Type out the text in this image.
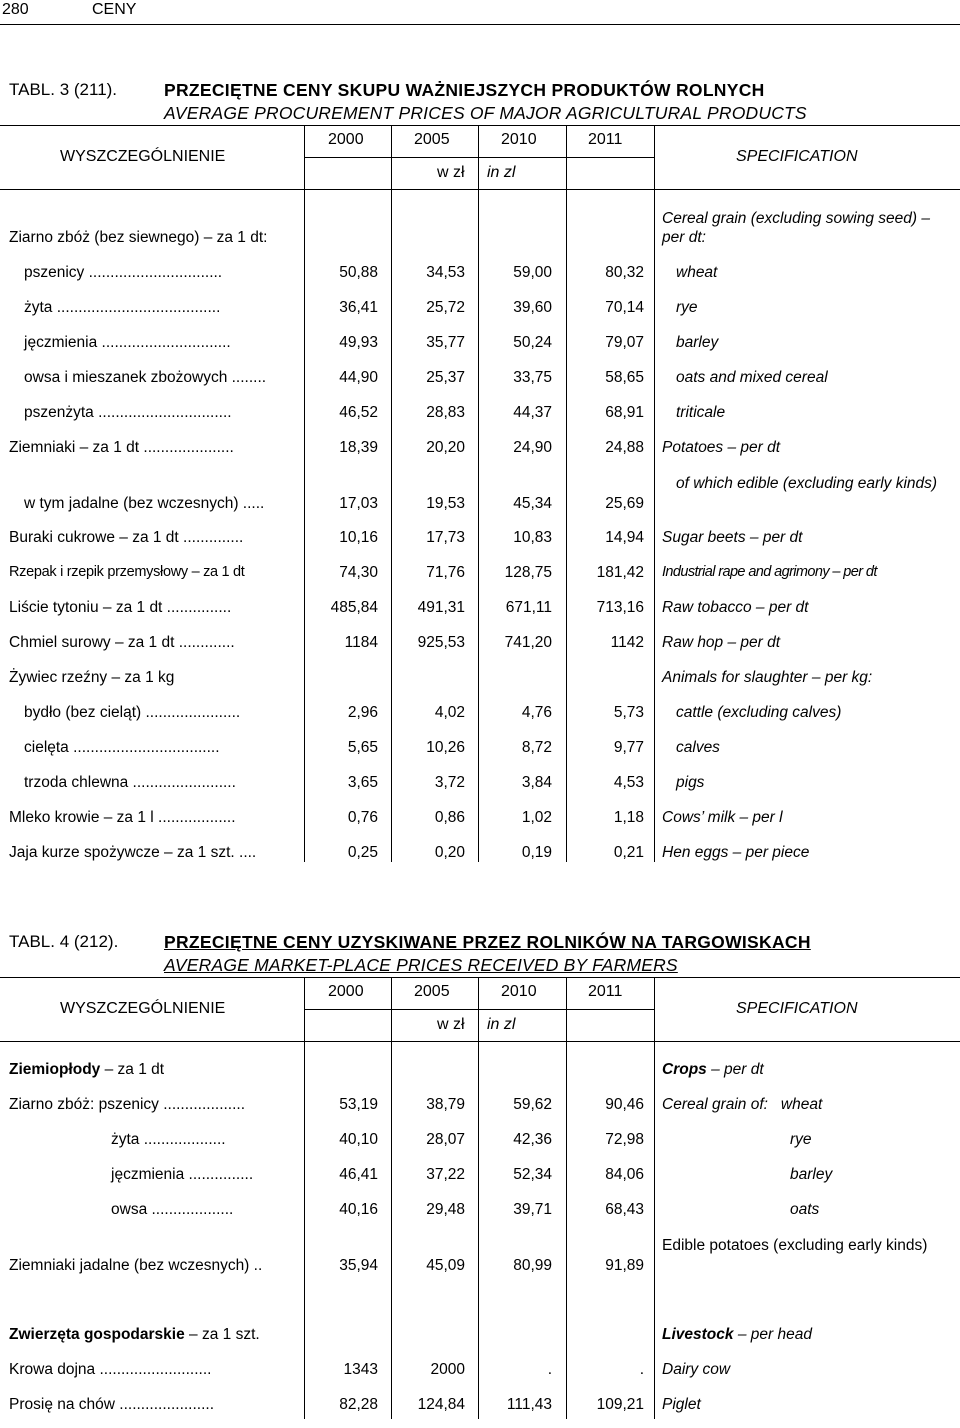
280	CENY
TABL. 3 (211).	PRZECIĘTNE CENY SKUPU WAŻNIEJSZYCH PRODUKTÓW ROLNYCH
AVERAGE PROCUREMENT PRICES OF MAJOR AGRICULTURAL PRODUCTS
WYSZCZEGÓLNIENIE	SPECIFICATION
2000	2005	2010	2011
w zł in zl
Ziarno zbóż (bez siewnego) – za 1 dt:
Cereal grain (excluding sowing seed) – per dt:
pszenicy ...............................	50,88	34,53	59,00	80,32 wheat
żyta ......................................	36,41	25,72	39,60	70,14 rye
jęczmienia ..............................	49,93	35,77	50,24	79,07 barley
owsa i mieszanek zbożowych ........	44,90	25,37	33,75	58,65 oats and mixed cereal
pszenżyta ...............................	46,52	28,83	44,37	68,91 triticale
Ziemniaki – za 1 dt .....................	18,39	20,20	24,90	24,88 Potatoes – per dt
w tym jadalne (bez wczesnych) .....	17,03	19,53	45,34	25,69
of which edible (excluding early kinds)
Buraki cukrowe – za 1 dt ..............	10,16	17,73	10,83	14,94 Sugar beets – per dt
Rzepak i rzepik przemysłowy – za 1 dt	74,30	71,76	128,75	181,42 Industrial rape and agrimony – per dt
Liście tytoniu – za 1 dt ...............	485,84	491,31	671,11	713,16 Raw tobacco – per dt
Chmiel surowy – za 1 dt .............	1184	925,53	741,20	1142 Raw hop – per dt
Żywiec rzeźny – za 1 kg	Animals for slaughter – per kg:
bydło (bez cieląt) ......................	2,96	4,02	4,76	5,73 cattle (excluding calves)
cielęta ..................................	5,65	10,26	8,72	9,77 calves
trzoda chlewna ........................	3,65	3,72	3,84	4,53 pigs
Mleko krowie – za 1 l ..................	0,76	0,86	1,02	1,18 Cows’ milk – per l
Jaja kurze spożywcze – za 1 szt. ....	0,25	0,20	0,19	0,21 Hen eggs – per piece
TABL. 4 (212).	PRZECIĘTNE CENY UZYSKIWANE PRZEZ ROLNIKÓW NA TARGOWISKACH
AVERAGE MARKET-PLACE PRICES RECEIVED BY FARMERS
WYSZCZEGÓLNIENIE	SPECIFICATION
2000	2005	2010	2011
w zł in zl
Ziemiopłody – za 1 dt	Crops – per dt
Ziarno zbóż: pszenicy ...................	53,19	38,79	59,62	90,46 Cereal grain of:   wheat
żyta ...................	40,10	28,07	42,36	72,98	rye
jęczmienia ...............	46,41	37,22	52,34	84,06	barley
owsa ...................	40,16	29,48	39,71	68,43	oats
Ziemniaki jadalne (bez wczesnych) ..	35,94	45,09	80,99	91,89
Edible potatoes (excluding early kinds)
Zwierzęta gospodarskie – za 1 szt.	Livestock – per head
Krowa dojna ..........................	1343	2000	.	. Dairy cow
Prosię na chów ......................	82,28	124,84	111,43	109,21 Piglet
